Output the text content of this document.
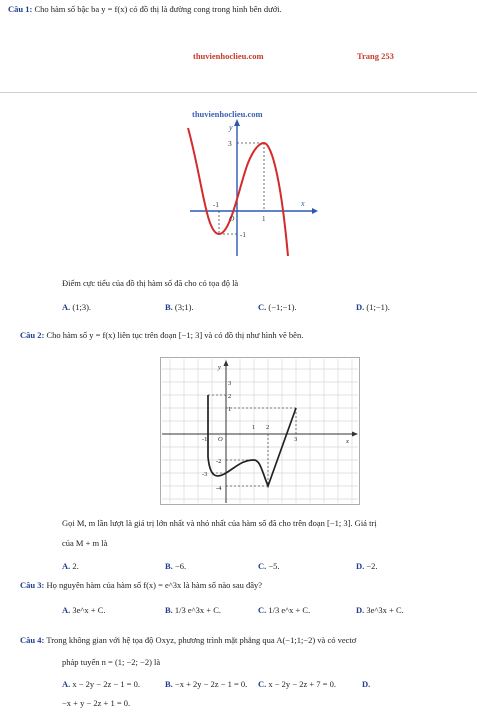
Câu 1: Cho hàm số bậc ba y = f(x) có đồ thị là đường cong trong hình bên dưới.
thuvienhoclieu.com	Trang 253
thuvienhoclieu.com
y
x
3
-1
O	1
-1
Điểm cực tiểu của đồ thị hàm số đã cho có tọa độ là
A. (1;3).	B. (3;1).	C. (−1;−1).	D. (1;−1).
Câu 2: Cho hàm số y = f(x) liên tục trên đoạn [−1; 3] và có đồ thị như hình vẽ bên.
y
x
3
2
1
-1 O
1 2
3
-2
-3
-4
Gọi M, m lần lượt là giá trị lớn nhất và nhỏ nhất của hàm số đã cho trên đoạn [−1; 3]. Giá trị
của M + m là
A. 2.	B. −6.	C. −5.	D. −2.
Câu 3: Họ nguyên hàm của hàm số f(x) = e^3x là hàm số nào sau đây?
A. 3e^x + C.	B. 1/3 e^3x + C.	C. 1/3 e^x + C.	D. 3e^3x + C.
Câu 4: Trong không gian với hệ tọa độ Oxyz, phương trình mặt phẳng qua A(−1;1;−2) và có vectơ
pháp tuyến n = (1; −2; −2) là
A. x − 2y − 2z − 1 = 0.	B. −x + 2y − 2z − 1 = 0. C. x − 2y − 2z + 7 = 0.	D.
−x + y − 2z + 1 = 0.
